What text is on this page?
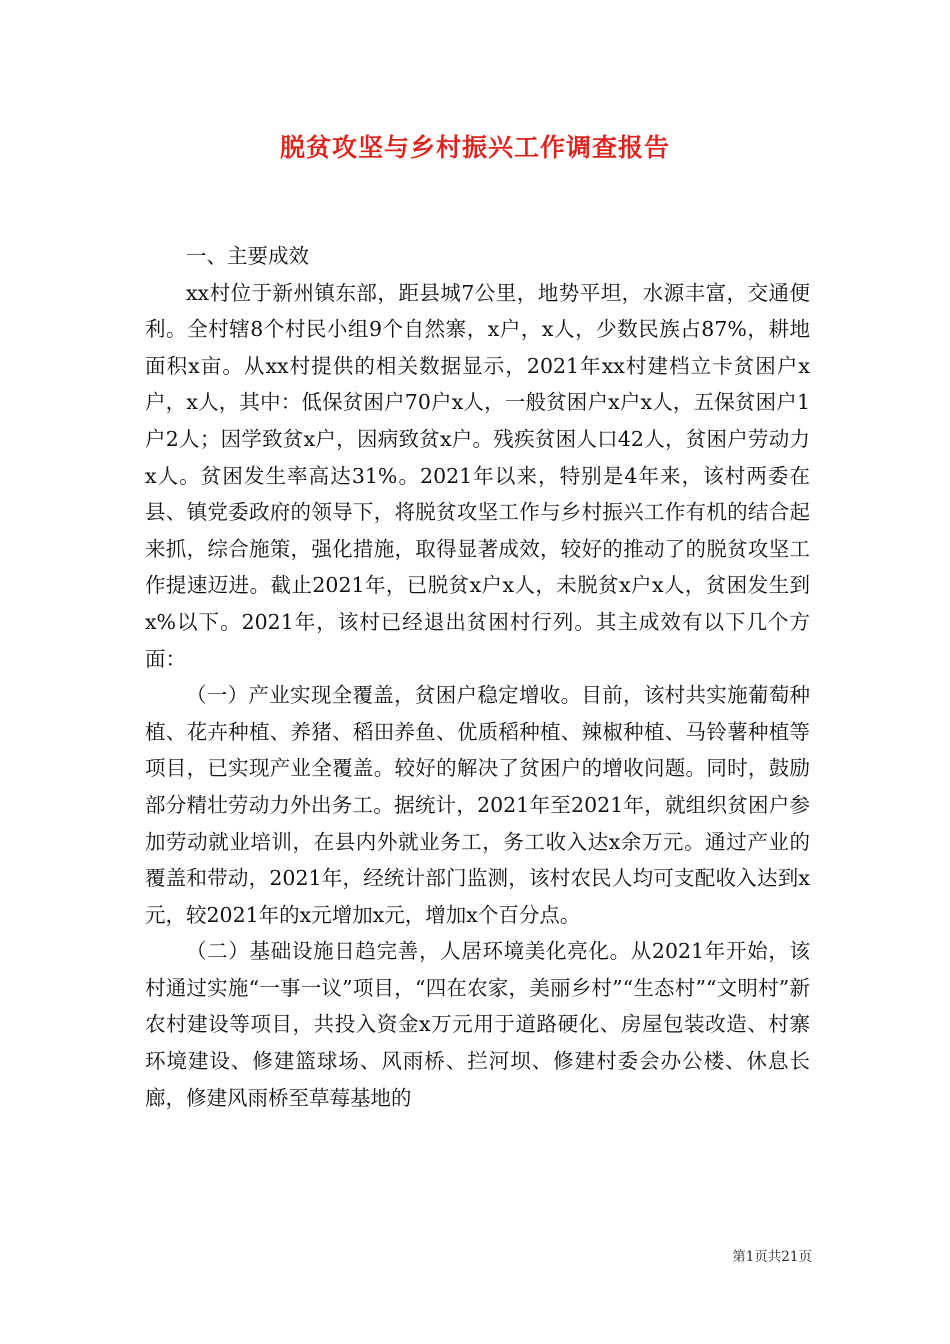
脱贫攻坚与乡村振兴工作调查报告

一、主要成效

xx村位于新州镇东部，距县城7公里，地势平坦，水源丰富，交通便利。全村辖8个村民小组9个自然寨，x户，x人，少数民族占87%，耕地面积x亩。从xx村提供的相关数据显示，2021年xx村建档立卡贫困户x户，x人，其中：低保贫困户70户x人，一般贫困户x户x人，五保贫困户1户2人；因学致贫x户，因病致贫x户。残疾贫困人口42人，贫困户劳动力x人。贫困发生率高达31%。2021年以来，特别是4年来，该村两委在县、镇党委政府的领导下，将脱贫攻坚工作与乡村振兴工作有机的结合起来抓，综合施策，强化措施，取得显著成效，较好的推动了的脱贫攻坚工作提速迈进。截止2021年，已脱贫x户x人，未脱贫x户x人，贫困发生到x%以下。2021年，该村已经退出贫困村行列。其主成效有以下几个方面：

（一）产业实现全覆盖，贫困户稳定增收。目前，该村共实施葡萄种植、花卉种植、养猪、稻田养鱼、优质稻种植、辣椒种植、马铃薯种植等项目，已实现产业全覆盖。较好的解决了贫困户的增收问题。同时，鼓励部分精壮劳动力外出务工。据统计，2021年至2021年，就组织贫困户参加劳动就业培训，在县内外就业务工，务工收入达x余万元。通过产业的覆盖和带动，2021年，经统计部门监测，该村农民人均可支配收入达到x元，较2021年的x元增加x元，增加x个百分点。

（二）基础设施日趋完善，人居环境美化亮化。从2021年开始，该村通过实施“一事一议”项目，“四在农家，美丽乡村”“生态村”“文明村”新农村建设等项目，共投入资金x万元用于道路硬化、房屋包装改造、村寨环境建设、修建篮球场、风雨桥、拦河坝、修建村委会办公楼、休息长廊，修建风雨桥至草莓基地的

第1页共21页
